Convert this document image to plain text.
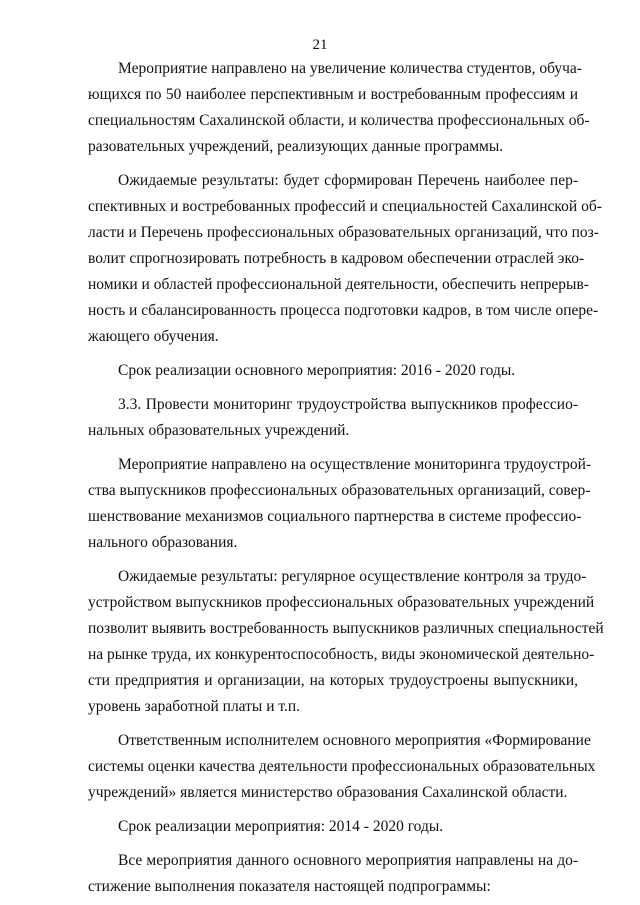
21
Мероприятие направлено на увеличение количества студентов, обуча-
ющихся по 50 наиболее перспективным и востребованным профессиям и
специальностям Сахалинской области, и количества профессиональных об-
разовательных учреждений, реализующих данные программы.
Ожидаемые результаты: будет сформирован Перечень наиболее пер-
спективных и востребованных профессий и специальностей Сахалинской об-
ласти и Перечень профессиональных образовательных организаций, что поз-
волит спрогнозировать потребность в кадровом обеспечении отраслей эко-
номики и областей профессиональной деятельности, обеспечить непрерыв-
ность и сбалансированность процесса подготовки кадров, в том числе опере-
жающего обучения.
Срок реализации основного мероприятия: 2016 - 2020 годы.
3.3. Провести мониторинг трудоустройства выпускников профессио-
нальных образовательных учреждений.
Мероприятие направлено на осуществление мониторинга трудоустрой-
ства выпускников профессиональных образовательных организаций, совер-
шенствование механизмов социального партнерства в системе профессио-
нального образования.
Ожидаемые результаты: регулярное осуществление контроля за трудо-
устройством выпускников профессиональных образовательных учреждений
позволит выявить востребованность выпускников различных специальностей
на рынке труда, их конкурентоспособность, виды экономической деятельно-
сти предприятия и организации, на которых трудоустроены выпускники,
уровень заработной платы и т.п.
Ответственным исполнителем основного мероприятия «Формирование
системы оценки качества деятельности профессиональных образовательных
учреждений» является министерство образования Сахалинской области.
Срок реализации мероприятия: 2014 - 2020 годы.
Все мероприятия данного основного мероприятия направлены на до-
стижение выполнения показателя настоящей подпрограммы:
